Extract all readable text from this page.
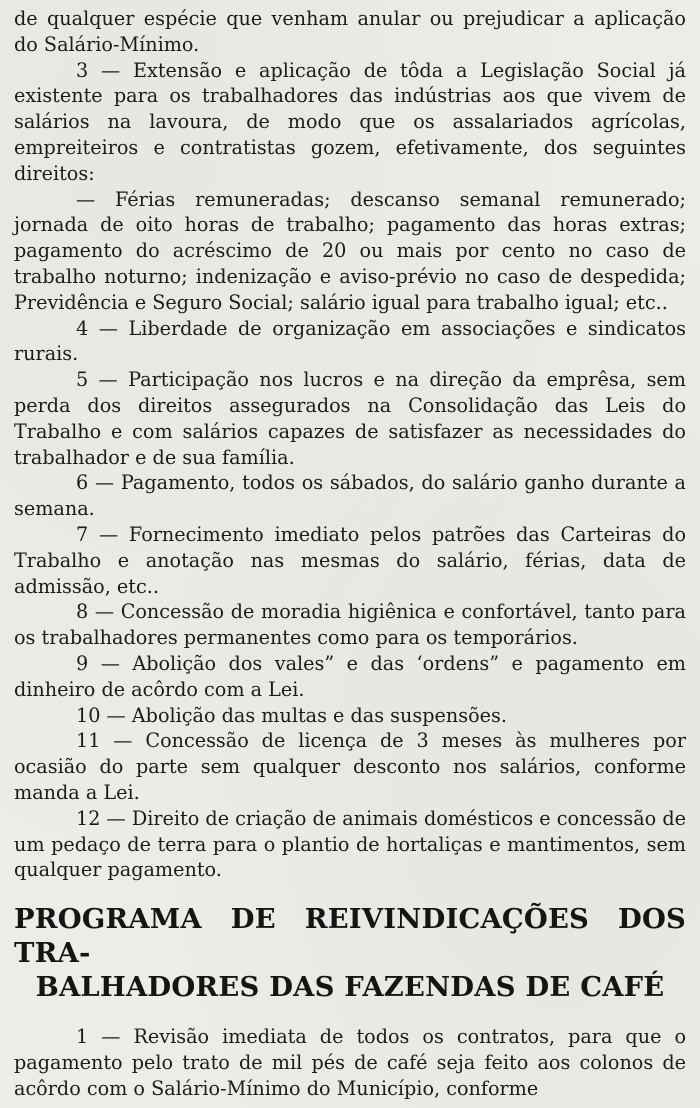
de qualquer espécie que venham anular ou prejudicar a aplicação do Salário-Mínimo.

3 — Extensão e aplicação de tôda a Legislação Social já existente para os trabalhadores das indústrias aos que vivem de salários na lavoura, de modo que os assalariados agrícolas, empreiteiros e contratistas gozem, efetivamente, dos seguintes direitos:

— Férias remuneradas; descanso semanal remunerado; jornada de oito horas de trabalho; pagamento das horas extras; pagamento do acréscimo de 20 ou mais por cento no caso de trabalho noturno; indenização e aviso-prévio no caso de despedida; Previdência e Seguro Social; salário igual para trabalho igual; etc..

4 — Liberdade de organização em associações e sindicatos rurais.

5 — Participação nos lucros e na direção da emprêsa, sem perda dos direitos assegurados na Consolidação das Leis do Trabalho e com salários capazes de satisfazer as necessidades do trabalhador e de sua família.

6 — Pagamento, todos os sábados, do salário ganho durante a semana.

7 — Fornecimento imediato pelos patrões das Carteiras do Trabalho e anotação nas mesmas do salário, férias, data de admissão, etc..

8 — Concessão de moradia higiênica e confortável, tanto para os trabalhadores permanentes como para os temporários.

9 — Abolição dos vales” e das ‘ordens” e pagamento em dinheiro de acôrdo com a Lei.

10 — Abolição das multas e das suspensões.

11 — Concessão de licença de 3 meses às mulheres por ocasião do parte sem qualquer desconto nos salários, conforme manda a Lei.

12 — Direito de criação de animais domésticos e concessão de um pedaço de terra para o plantio de hortaliças e mantimentos, sem qualquer pagamento.

PROGRAMA DE REIVINDICAÇÕES DOS TRA-
BALHADORES DAS FAZENDAS DE CAFÉ

1 — Revisão imediata de todos os contratos, para que o pagamento pelo trato de mil pés de café seja feito aos colonos de acôrdo com o Salário-Mínimo do Município, conforme
